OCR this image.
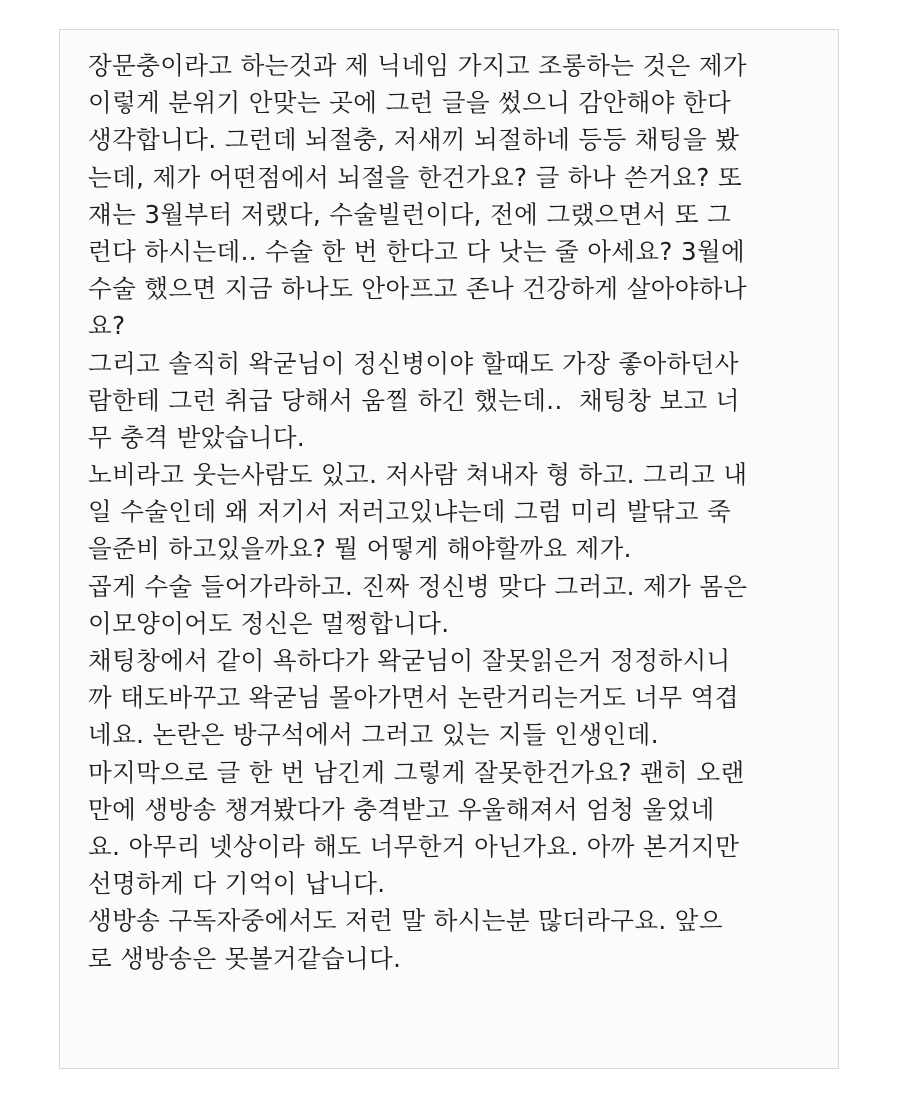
장문충이라고 하는것과 제 닉네임 가지고 조롱하는 것은 제가
이렇게 분위기 안맞는 곳에 그런 글을 썼으니 감안해야 한다
생각합니다. 그런데 뇌절충, 저새끼 뇌절하네 등등 채팅을 봤
는데, 제가 어떤점에서 뇌절을 한건가요? 글 하나 쓴거요? 또
쟤는 3월부터 저랬다, 수술빌런이다, 전에 그랬으면서 또 그
런다 하시는데.. 수술 한 번 한다고 다 낫는 줄 아세요? 3월에
수술 했으면 지금 하나도 안아프고 존나 건강하게 살아야하나
요?
그리고 솔직히 왁굳님이 정신병이야 할때도 가장 좋아하던사
람한테 그런 취급 당해서 움찔 하긴 했는데..  채팅창 보고 너
무 충격 받았습니다.
노비라고 웃는사람도 있고. 저사람 쳐내자 형 하고. 그리고 내
일 수술인데 왜 저기서 저러고있냐는데 그럼 미리 발닦고 죽
을준비 하고있을까요? 뭘 어떻게 해야할까요 제가.
곱게 수술 들어가라하고. 진짜 정신병 맞다 그러고. 제가 몸은
이모양이어도 정신은 멀쩡합니다.
채팅창에서 같이 욕하다가 왁굳님이 잘못읽은거 정정하시니
까 태도바꾸고 왁굳님 몰아가면서 논란거리는거도 너무 역겹
네요. 논란은 방구석에서 그러고 있는 지들 인생인데.
마지막으로 글 한 번 남긴게 그렇게 잘못한건가요? 괜히 오랜
만에 생방송 챙겨봤다가 충격받고 우울해져서 엄청 울었네
요. 아무리 넷상이라 해도 너무한거 아닌가요. 아까 본거지만
선명하게 다 기억이 납니다.
생방송 구독자중에서도 저런 말 하시는분 많더라구요. 앞으
로 생방송은 못볼거같습니다.
